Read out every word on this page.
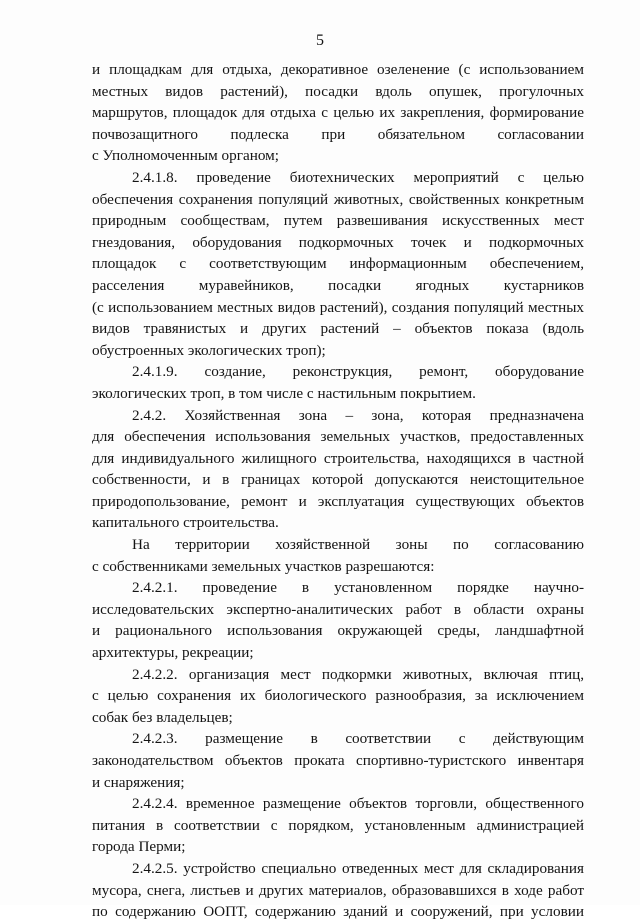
5

и площадкам для отдыха, декоративное озеленение (с использованием

местных видов растений), посадки вдоль опушек, прогулочных

маршрутов, площадок для отдыха с целью их закрепления, формирование

почвозащитного подлеска при обязательном согласовании

с Уполномоченным органом;

2.4.1.8. проведение биотехнических мероприятий с целью

обеспечения сохранения популяций животных, свойственных конкретным

природным сообществам, путем развешивания искусственных мест

гнездования, оборудования подкормочных точек и подкормочных

площадок с соответствующим информационным обеспечением,

расселения муравейников, посадки ягодных кустарников

(с использованием местных видов растений), создания популяций местных

видов травянистых и других растений – объектов показа (вдоль

обустроенных экологических троп);

2.4.1.9. создание, реконструкция, ремонт, оборудование

экологических троп, в том числе с настильным покрытием.

2.4.2. Хозяйственная зона – зона, которая предназначена

для обеспечения использования земельных участков, предоставленных

для индивидуального жилищного строительства, находящихся в частной

собственности, и в границах которой допускаются неистощительное

природопользование, ремонт и эксплуатация существующих объектов

капитального строительства.

На территории хозяйственной зоны по согласованию

с собственниками земельных участков разрешаются:

2.4.2.1. проведение в установленном порядке научно-

исследовательских экспертно-аналитических работ в области охраны

и рационального использования окружающей среды, ландшафтной

архитектуры, рекреации;

2.4.2.2. организация мест подкормки животных, включая птиц,

с целью сохранения их биологического разнообразия, за исключением

собак без владельцев;

2.4.2.3. размещение в соответствии с действующим

законодательством объектов проката спортивно-туристского инвентаря

и снаряжения;

2.4.2.4. временное размещение объектов торговли, общественного

питания в соответствии с порядком, установленным администрацией

города Перми;

2.4.2.5. устройство специально отведенных мест для складирования

мусора, снега, листьев и других материалов, образовавшихся в ходе работ

по содержанию ООПТ, содержанию зданий и сооружений, при условии
